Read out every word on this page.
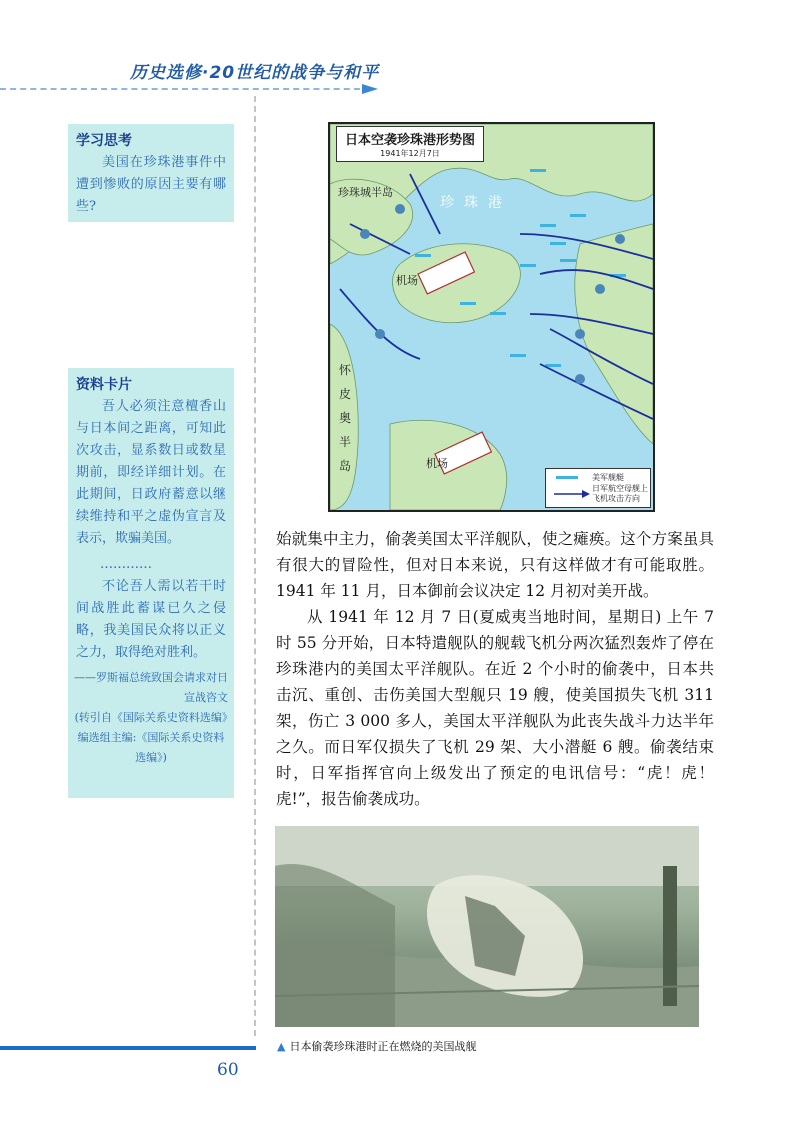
历史选修·20世纪的战争与和平
学习思考

美国在珍珠港事件中遭到惨败的原因主要有哪些?

资料卡片

吾人必须注意檀香山与日本间之距离，可知此次攻击，显系数日或数星期前，即经详细计划。在此期间，日政府蓄意以继续维持和平之虚伪宣言及表示，欺骗美国。

…………

不论吾人需以若干时间战胜此蓄谋已久之侵略，我美国民众将以正义之力，取得绝对胜利。

——罗斯福总统致国会请求对日宣战咨文
(转引自《国际关系史资料选编》编选组主编:《国际关系史资料选编》)
日本空袭珍珠港形势图
1941年12月7日
珍珠城半岛
珍珠港
机场
机场
怀皮奥半岛
美军舰艇
日军航空母舰上飞机攻击方向

始就集中主力，偷袭美国太平洋舰队，使之瘫痪。这个方案虽具有很大的冒险性，但对日本来说，只有这样做才有可能取胜。1941 年 11 月，日本御前会议决定 12 月初对美开战。

从 1941 年 12 月 7 日(夏威夷当地时间，星期日) 上午 7 时 55 分开始，日本特遣舰队的舰载飞机分两次猛烈轰炸了停在珍珠港内的美国太平洋舰队。在近 2 个小时的偷袭中，日本共击沉、重创、击伤美国大型舰只 19 艘，使美国损失飞机 311 架，伤亡 3 000 多人，美国太平洋舰队为此丧失战斗力达半年之久。而日军仅损失了飞机 29 架、大小潜艇 6 艘。偷袭结束时，日军指挥官向上级发出了预定的电讯信号：“虎！虎！虎!”，报告偷袭成功。

▲ 日本偷袭珍珠港时正在燃烧的美国战舰
60
